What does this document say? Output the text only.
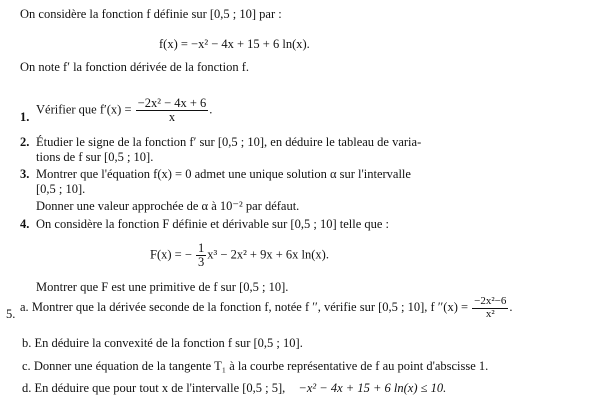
On considère la fonction f définie sur [0,5 ; 10] par :
f(x) = −x² − 4x + 15 + 6 ln(x).
On note f′ la fonction dérivée de la fonction f.
1.
Vérifier que $f'(x) = \frac{\text{−2x² − 4x + 6}}{x}$ .
2. Étudier le signe de la fonction f′ sur [0,5 ; 10], en déduire le tableau de varia-
tions de f sur [0,5 ; 10].
3. Montrer que l'équation f(x) = 0 admet une unique solution α sur l'intervalle
[0,5 ; 10].
Donner une valeur approchée de α à 10⁻² par défaut.
4. On considère la fonction F définie et dérivable sur [0,5 ; 10] telle que :
F(x) = − $\frac{1}{3} x^3 - 2x^2 + 9x + 6x$ ln(x).
Montrer que F est une primitive de f sur [0,5 ; 10].
5.
a. Montrer que la dérivée seconde de la fonction f, notée f ′′, vérifie sur [0,5 ; 10], f $''(x) = \frac{\text{−2x²−6}}{\text{x²}}$ .
b. En déduire la convexité de la fonction f sur [0,5 ; 10].
c. Donner une équation de la tangente T₁ à la courbe représentative de f au point d'abscisse 1.
d. En déduire que pour tout x de l'intervalle [0,5 ; 5], −x² − 4x + 15 + 6 ln(x) ≤ 10.
